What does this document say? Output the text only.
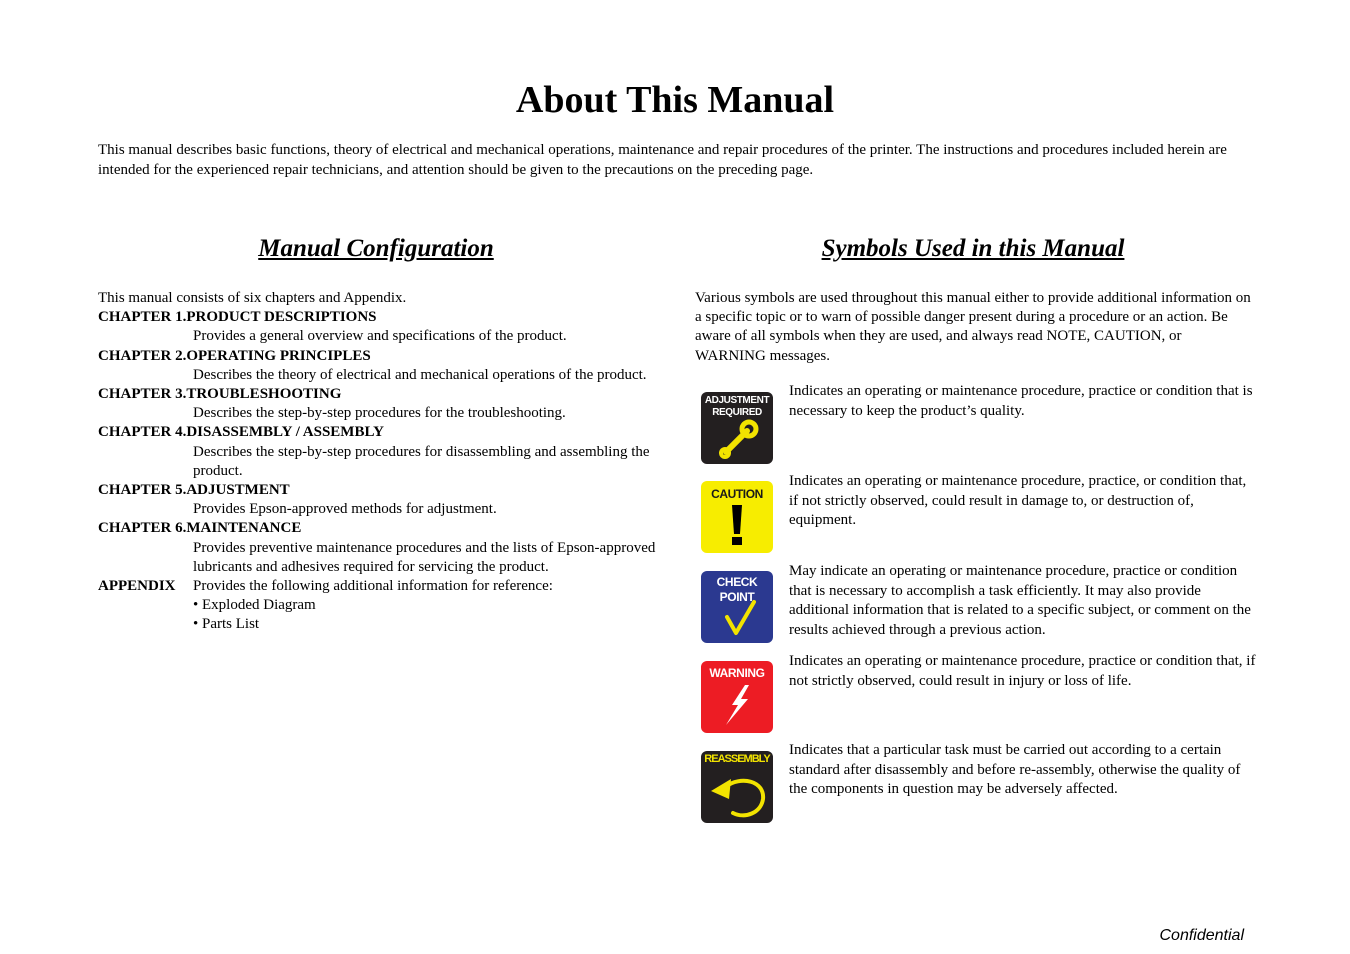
About This Manual

This manual describes basic functions, theory of electrical and mechanical operations, maintenance and repair procedures of the printer. The instructions and procedures included herein are intended for the experienced repair technicians, and attention should be given to the precautions on the preceding page.

Manual Configuration	Symbols Used in this Manual

This manual consists of six chapters and Appendix.

CHAPTER 1.PRODUCT DESCRIPTIONS

Provides a general overview and specifications of the product.

CHAPTER 2.OPERATING PRINCIPLES

Describes the theory of electrical and mechanical operations of the product.

CHAPTER 3.TROUBLESHOOTING

Describes the step-by-step procedures for the troubleshooting.

CHAPTER 4.DISASSEMBLY / ASSEMBLY

Describes the step-by-step procedures for disassembling and assembling the product.

CHAPTER 5.ADJUSTMENT

Provides Epson-approved methods for adjustment.

CHAPTER 6.MAINTENANCE

Provides preventive maintenance procedures and the lists of Epson-approved lubricants and adhesives required for servicing the product.

APPENDIX	Provides the following additional information for reference:

• Exploded Diagram

• Parts List

Various symbols are used throughout this manual either to provide additional information on a specific topic or to warn of possible danger present during a procedure or an action. Be aware of all symbols when they are used, and always read NOTE, CAUTION, or WARNING messages.

ADJUSTMENT
REQUIRED

Indicates an operating or maintenance procedure, practice or condition that is necessary to keep the product’s quality.

CAUTION

Indicates an operating or maintenance procedure, practice, or condition that, if not strictly observed, could result in damage to, or destruction of, equipment.

CHECK
POINT

May indicate an operating or maintenance procedure, practice or condition that is necessary to accomplish a task efficiently. It may also provide additional information that is related to a specific subject, or comment on the results achieved through a previous action.

WARNING

Indicates an operating or maintenance procedure, practice or condition that, if not strictly observed, could result in injury or loss of life.

REASSEMBLY

Indicates that a particular task must be carried out according to a certain standard after disassembly and before re-assembly, otherwise the quality of the components in question may be adversely affected.

Confidential
